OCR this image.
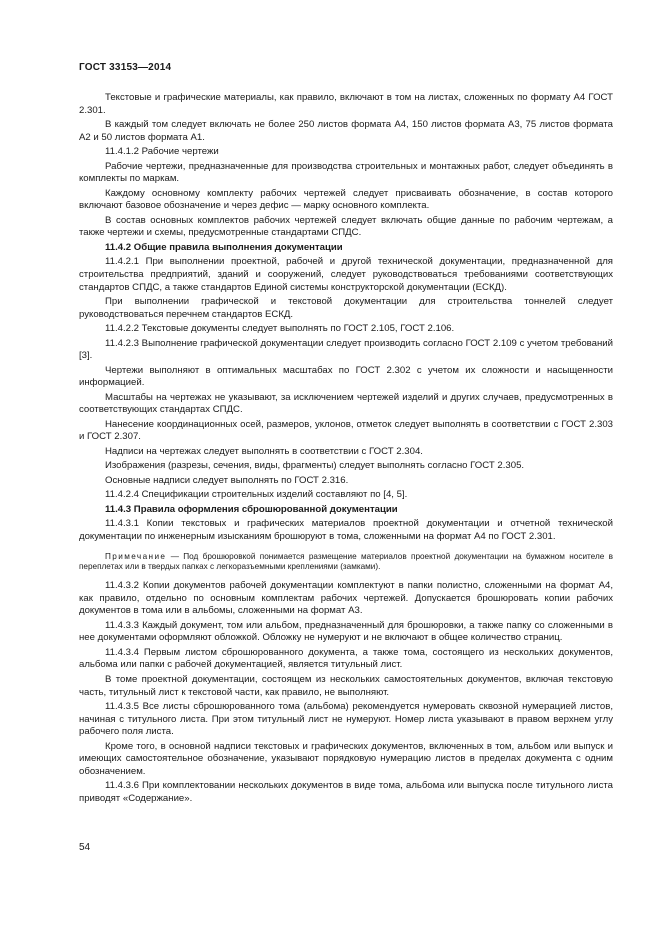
ГОСТ 33153—2014

Текстовые и графические материалы, как правило, включают в том на листах, сложенных по формату А4 ГОСТ 2.301.

В каждый том следует включать не более 250 листов формата А4, 150 листов формата А3, 75 листов формата А2 и 50 листов формата А1.

11.4.1.2 Рабочие чертежи

Рабочие чертежи, предназначенные для производства строительных и монтажных работ, следует объединять в комплекты по маркам.

Каждому основному комплекту рабочих чертежей следует присваивать обозначение, в состав которого включают базовое обозначение и через дефис — марку основного комплекта.

В состав основных комплектов рабочих чертежей следует включать общие данные по рабочим чертежам, а также чертежи и схемы, предусмотренные стандартами СПДС.

11.4.2 Общие правила выполнения документации

11.4.2.1 При выполнении проектной, рабочей и другой технической документации, предназначенной для строительства предприятий, зданий и сооружений, следует руководствоваться требованиями соответствующих стандартов СПДС, а также стандартов Единой системы конструкторской документации (ЕСКД).

При выполнении графической и текстовой документации для строительства тоннелей следует руководствоваться перечнем стандартов ЕСКД.

11.4.2.2 Текстовые документы следует выполнять по ГОСТ 2.105, ГОСТ 2.106.

11.4.2.3 Выполнение графической документации следует производить согласно ГОСТ 2.109 с учетом требований [3].

Чертежи выполняют в оптимальных масштабах по ГОСТ 2.302 с учетом их сложности и насыщенности информацией.

Масштабы на чертежах не указывают, за исключением чертежей изделий и других случаев, предусмотренных в соответствующих стандартах СПДС.

Нанесение координационных осей, размеров, уклонов, отметок следует выполнять в соответствии с ГОСТ 2.303 и ГОСТ 2.307.

Надписи на чертежах следует выполнять в соответствии с ГОСТ 2.304.

Изображения (разрезы, сечения, виды, фрагменты) следует выполнять согласно ГОСТ 2.305.

Основные надписи следует выполнять по ГОСТ 2.316.

11.4.2.4 Спецификации строительных изделий составляют по [4, 5].

11.4.3 Правила оформления сброшюрованной документации

11.4.3.1 Копии текстовых и графических материалов проектной документации и отчетной технической документации по инженерным изысканиям брошюруют в тома, сложенными на формат А4 по ГОСТ 2.301.

Примечание — Под брошюровкой понимается размещение материалов проектной документации на бумажном носителе в переплетах или в твердых папках с легкоразъемными креплениями (замками).

11.4.3.2 Копии документов рабочей документации комплектуют в папки полистно, сложенными на формат А4, как правило, отдельно по основным комплектам рабочих чертежей. Допускается брошюровать копии рабочих документов в тома или в альбомы, сложенными на формат А3.

11.4.3.3 Каждый документ, том или альбом, предназначенный для брошюровки, а также папку со сложенными в нее документами оформляют обложкой. Обложку не нумеруют и не включают в общее количество страниц.

11.4.3.4 Первым листом сброшюрованного документа, а также тома, состоящего из нескольких документов, альбома или папки с рабочей документацией, является титульный лист.

В томе проектной документации, состоящем из нескольких самостоятельных документов, включая текстовую часть, титульный лист к текстовой части, как правило, не выполняют.

11.4.3.5 Все листы сброшюрованного тома (альбома) рекомендуется нумеровать сквозной нумерацией листов, начиная с титульного листа. При этом титульный лист не нумеруют. Номер листа указывают в правом верхнем углу рабочего поля листа.

Кроме того, в основной надписи текстовых и графических документов, включенных в том, альбом или выпуск и имеющих самостоятельное обозначение, указывают порядковую нумерацию листов в пределах документа с одним обозначением.

11.4.3.6 При комплектовании нескольких документов в виде тома, альбома или выпуска после титульного листа приводят «Содержание».

54
